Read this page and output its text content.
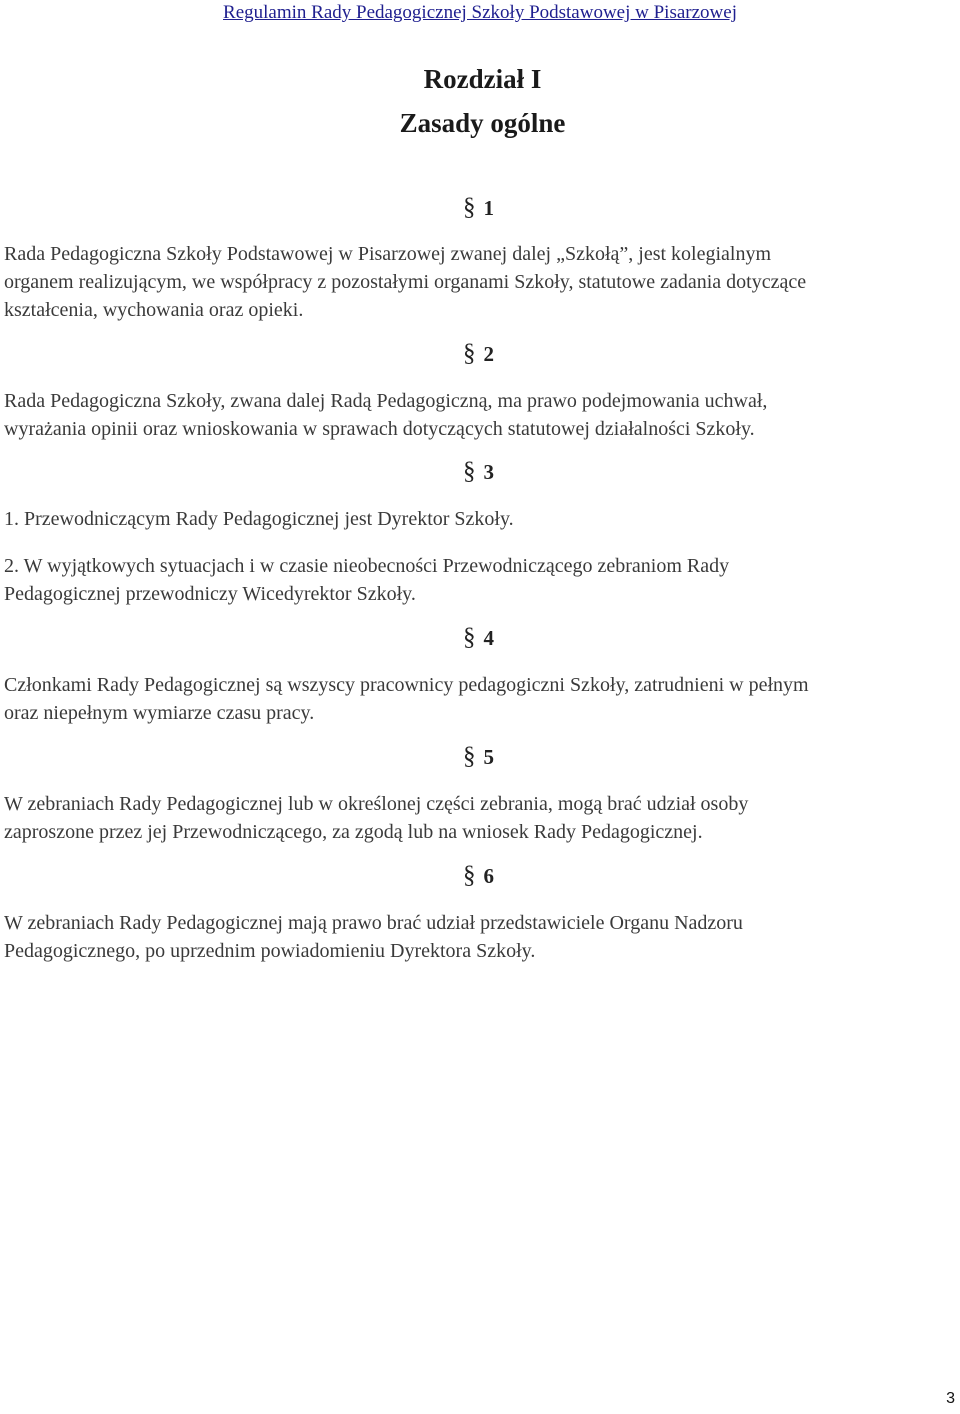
Regulamin Rady Pedagogicznej Szkoły Podstawowej w Pisarzowej
Rozdział I
Zasady ogólne
§ 1
Rada Pedagogiczna Szkoły Podstawowej w Pisarzowej zwanej dalej „Szkołą”, jest kolegialnym
organem realizującym, we współpracy z pozostałymi organami Szkoły, statutowe zadania dotyczące
kształcenia, wychowania oraz opieki.
§ 2
Rada Pedagogiczna Szkoły, zwana dalej Radą Pedagogiczną, ma prawo podejmowania uchwał,
wyrażania opinii oraz wnioskowania w sprawach dotyczących statutowej działalności Szkoły.
§ 3
1. Przewodniczącym Rady Pedagogicznej jest Dyrektor Szkoły.
2. W wyjątkowych sytuacjach i w czasie nieobecności Przewodniczącego zebraniom Rady
Pedagogicznej przewodniczy Wicedyrektor Szkoły.
§ 4
Członkami Rady Pedagogicznej są wszyscy pracownicy pedagogiczni Szkoły, zatrudnieni w pełnym
oraz niepełnym wymiarze czasu pracy.
§ 5
W zebraniach Rady Pedagogicznej lub w określonej części zebrania, mogą brać udział osoby
zaproszone przez jej Przewodniczącego, za zgodą lub na wniosek Rady Pedagogicznej.
§ 6
W zebraniach Rady Pedagogicznej mają prawo brać udział przedstawiciele Organu Nadzoru
Pedagogicznego, po uprzednim powiadomieniu Dyrektora Szkoły.
3
